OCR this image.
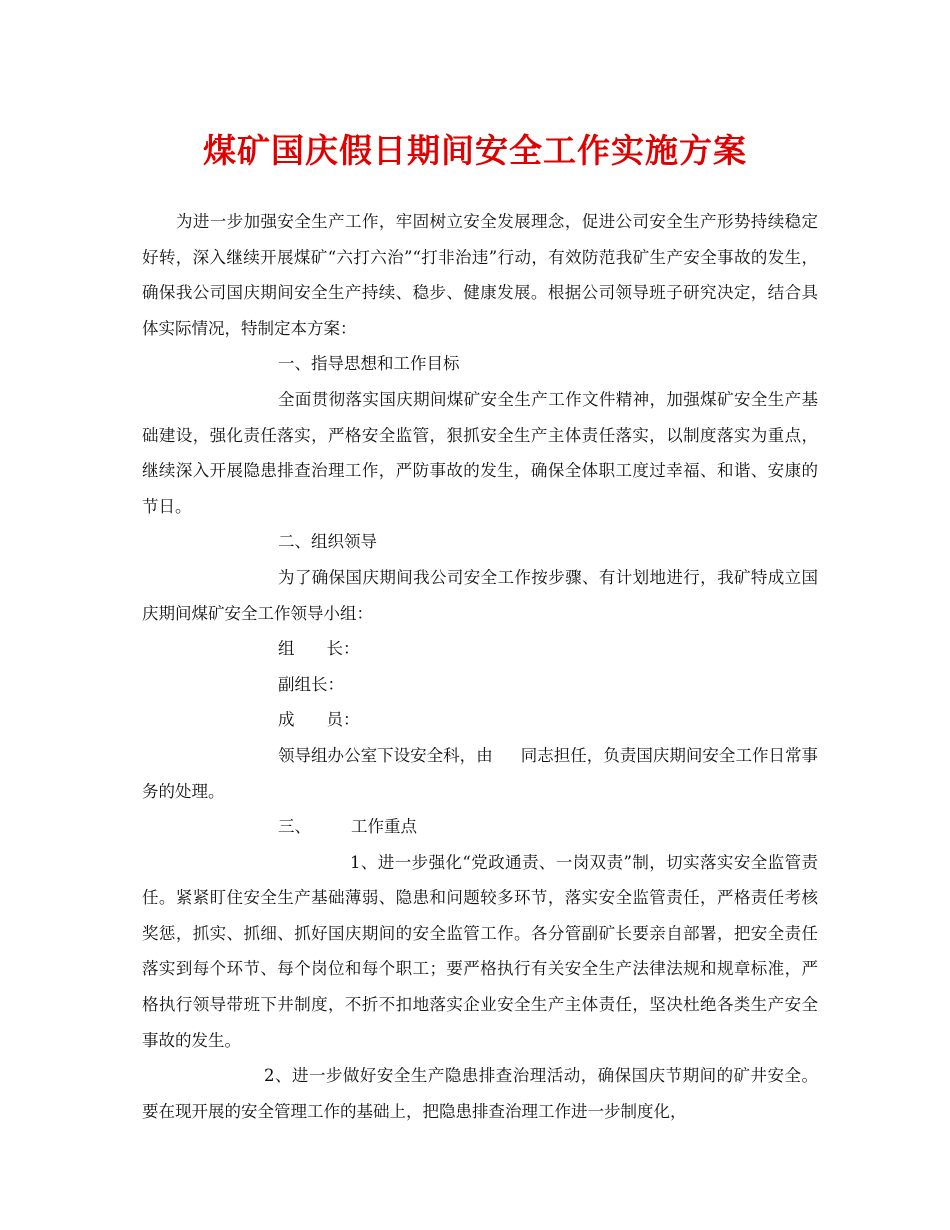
煤矿国庆假日期间安全工作实施方案

为进一步加强安全生产工作，牢固树立安全发展理念，促进公司安全生产形势持续稳定好转，深入继续开展煤矿“六打六治”“打非治违”行动，有效防范我矿生产安全事故的发生，确保我公司国庆期间安全生产持续、稳步、健康发展。根据公司领导班子研究决定，结合具体实际情况，特制定本方案：

一、指导思想和工作目标

全面贯彻落实国庆期间煤矿安全生产工作文件精神，加强煤矿安全生产基础建设，强化责任落实，严格安全监管，狠抓安全生产主体责任落实，以制度落实为重点，继续深入开展隐患排查治理工作，严防事故的发生，确保全体职工度过幸福、和谐、安康的节日。

二、组织领导

为了确保国庆期间我公司安全工作按步骤、有计划地进行，我矿特成立国庆期间煤矿安全工作领导小组：

组 长：

副组长：

成 员：

领导组办公室下设安全科，由 同志担任，负责国庆期间安全工作日常事务的处理。

三、 工作重点

1、进一步强化“党政通责、一岗双责”制，切实落实安全监管责任。紧紧盯住安全生产基础薄弱、隐患和问题较多环节，落实安全监管责任，严格责任考核奖惩，抓实、抓细、抓好国庆期间的安全监管工作。各分管副矿长要亲自部署，把安全责任落实到每个环节、每个岗位和每个职工；要严格执行有关安全生产法律法规和规章标准，严格执行领导带班下井制度，不折不扣地落实企业安全生产主体责任，坚决杜绝各类生产安全事故的发生。

2、进一步做好安全生产隐患排查治理活动，确保国庆节期间的矿井安全。要在现开展的安全管理工作的基础上，把隐患排查治理工作进一步制度化，
